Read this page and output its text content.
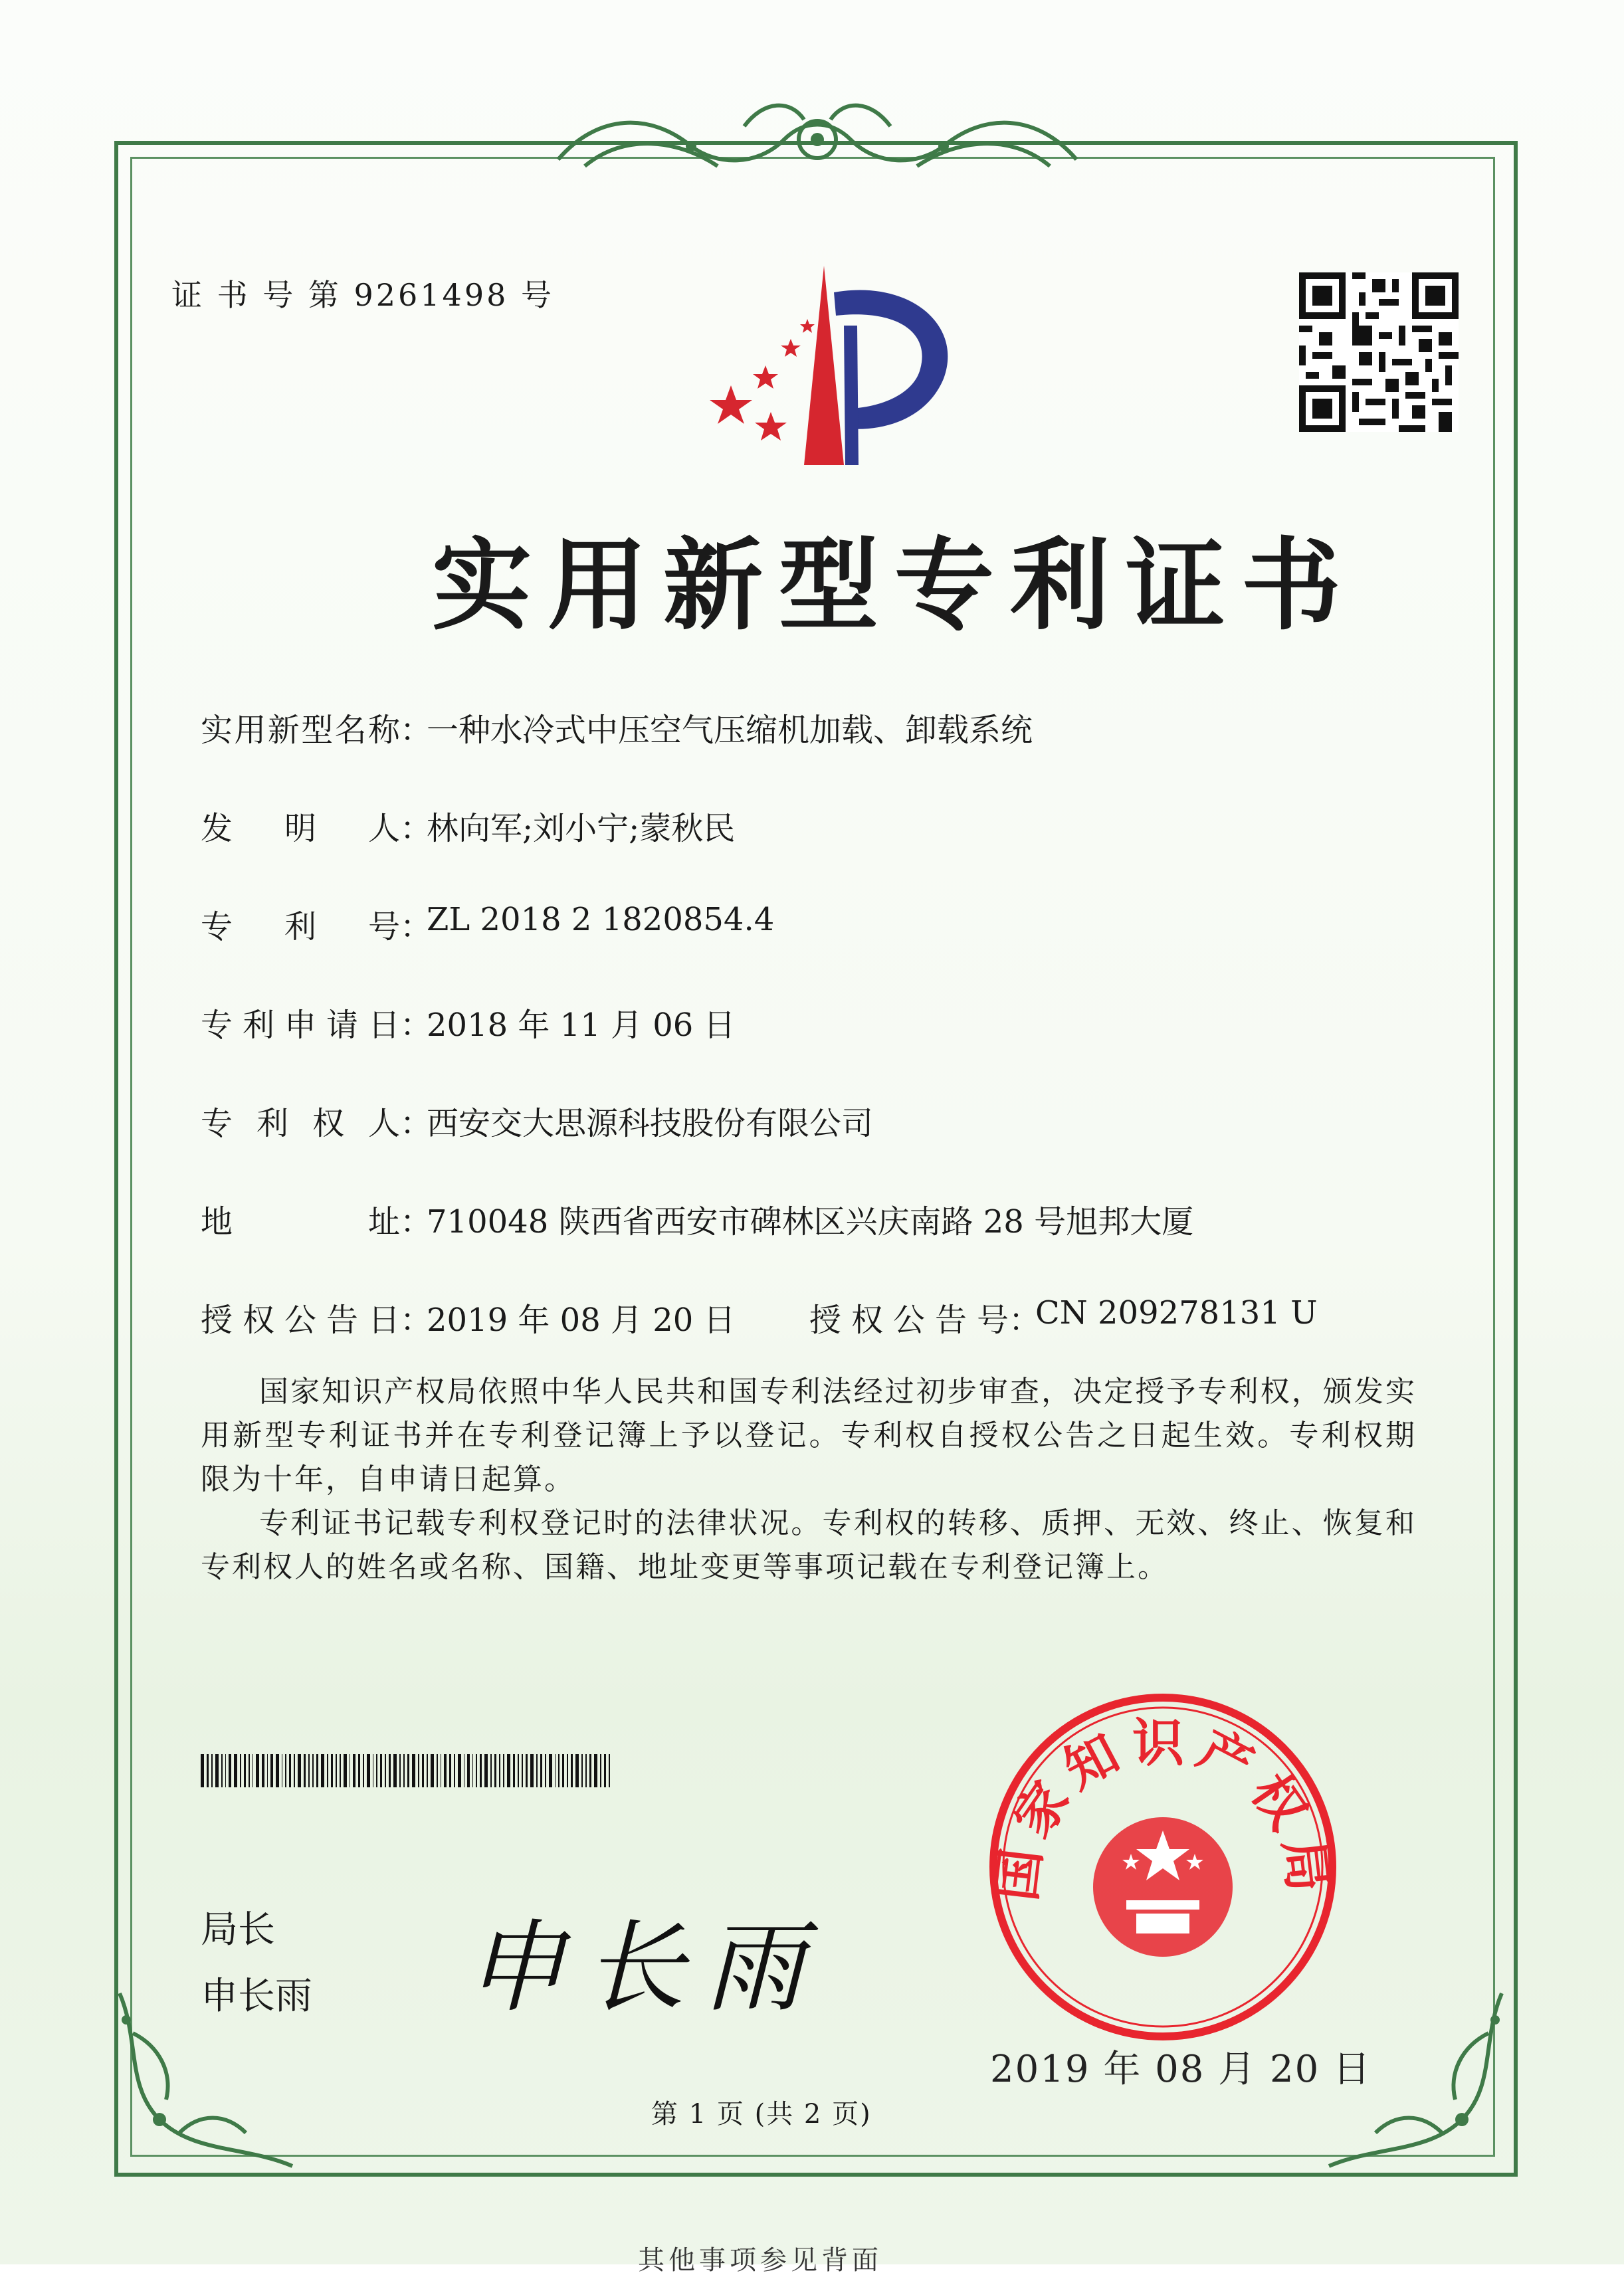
证 书 号 第 9261498 号
实用新型专利证书
实用新型名称 ：
一种水冷式中压空气压缩机加载、卸载系统
发明人 ：
林向军;刘小宁;蒙秋民
专利号 ：
ZL 2018 2 1820854.4
专利申请日 ：
2018 年 11 月 06 日
专利权人 ：
西安交大思源科技股份有限公司
地址 ：
710048 陕西省西安市碑林区兴庆南路 28 号旭邦大厦
授权公告日 ：
2019 年 08 月 20 日 授权公告号 ：
CN 209278131 U

国家知识产权局依照中华人民共和国专利法经过初步审查，决定授予专利权，颁发实用新型专利证书并在专利登记簿上予以登记。专利权自授权公告之日起生效。专利权期限为十年，自申请日起算。

专利证书记载专利权登记时的法律状况。专利权的转移、质押、无效、终止、恢复和专利权人的姓名或名称、国籍、地址变更等事项记载在专利登记簿上。

局长
申长雨 申长雨
国家知识产权局
2019 年 08 月 20 日
第 1 页 (共 2 页)
其他事项参见背面
